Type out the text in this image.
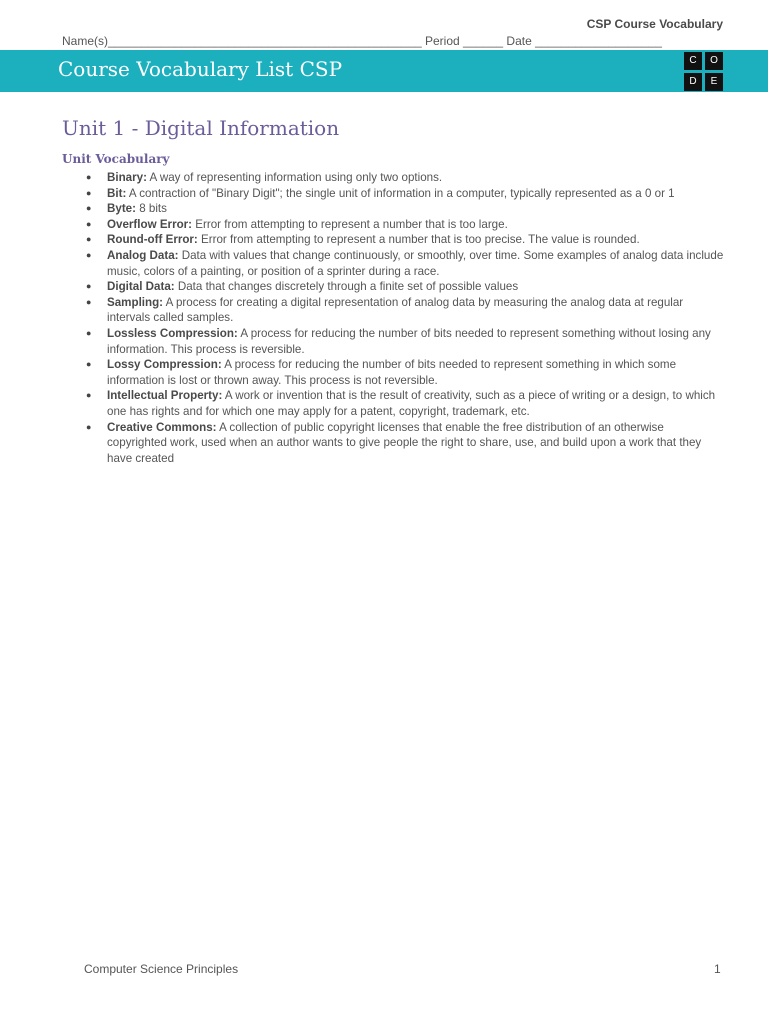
CSP Course Vocabulary
Name(s)_______________________________________________ Period ______ Date ___________________
Course Vocabulary List CSP	C	O
D	E
Unit 1 - Digital Information
Unit Vocabulary
● Binary: A way of representing information using only two options.
● Bit: A contraction of "Binary Digit"; the single unit of information in a computer, typically represented as a 0 or 1
● Byte: 8 bits
● Overflow Error: Error from attempting to represent a number that is too large.
● Round-off Error: Error from attempting to represent a number that is too precise. The value is rounded.
● Analog Data: Data with values that change continuously, or smoothly, over time. Some examples of analog data include music, colors of a painting, or position of a sprinter during a race.
● Digital Data: Data that changes discretely through a finite set of possible values
● Sampling: A process for creating a digital representation of analog data by measuring the analog data at regular intervals called samples.
● Lossless Compression: A process for reducing the number of bits needed to represent something without losing any information. This process is reversible.
● Lossy Compression: A process for reducing the number of bits needed to represent something in which some information is lost or thrown away. This process is not reversible.
● Intellectual Property: A work or invention that is the result of creativity, such as a piece of writing or a design, to which one has rights and for which one may apply for a patent, copyright, trademark, etc.
● Creative Commons: A collection of public copyright licenses that enable the free distribution of an otherwise copyrighted work, used when an author wants to give people the right to share, use, and build upon a work that they have created
Computer Science Principles	1
